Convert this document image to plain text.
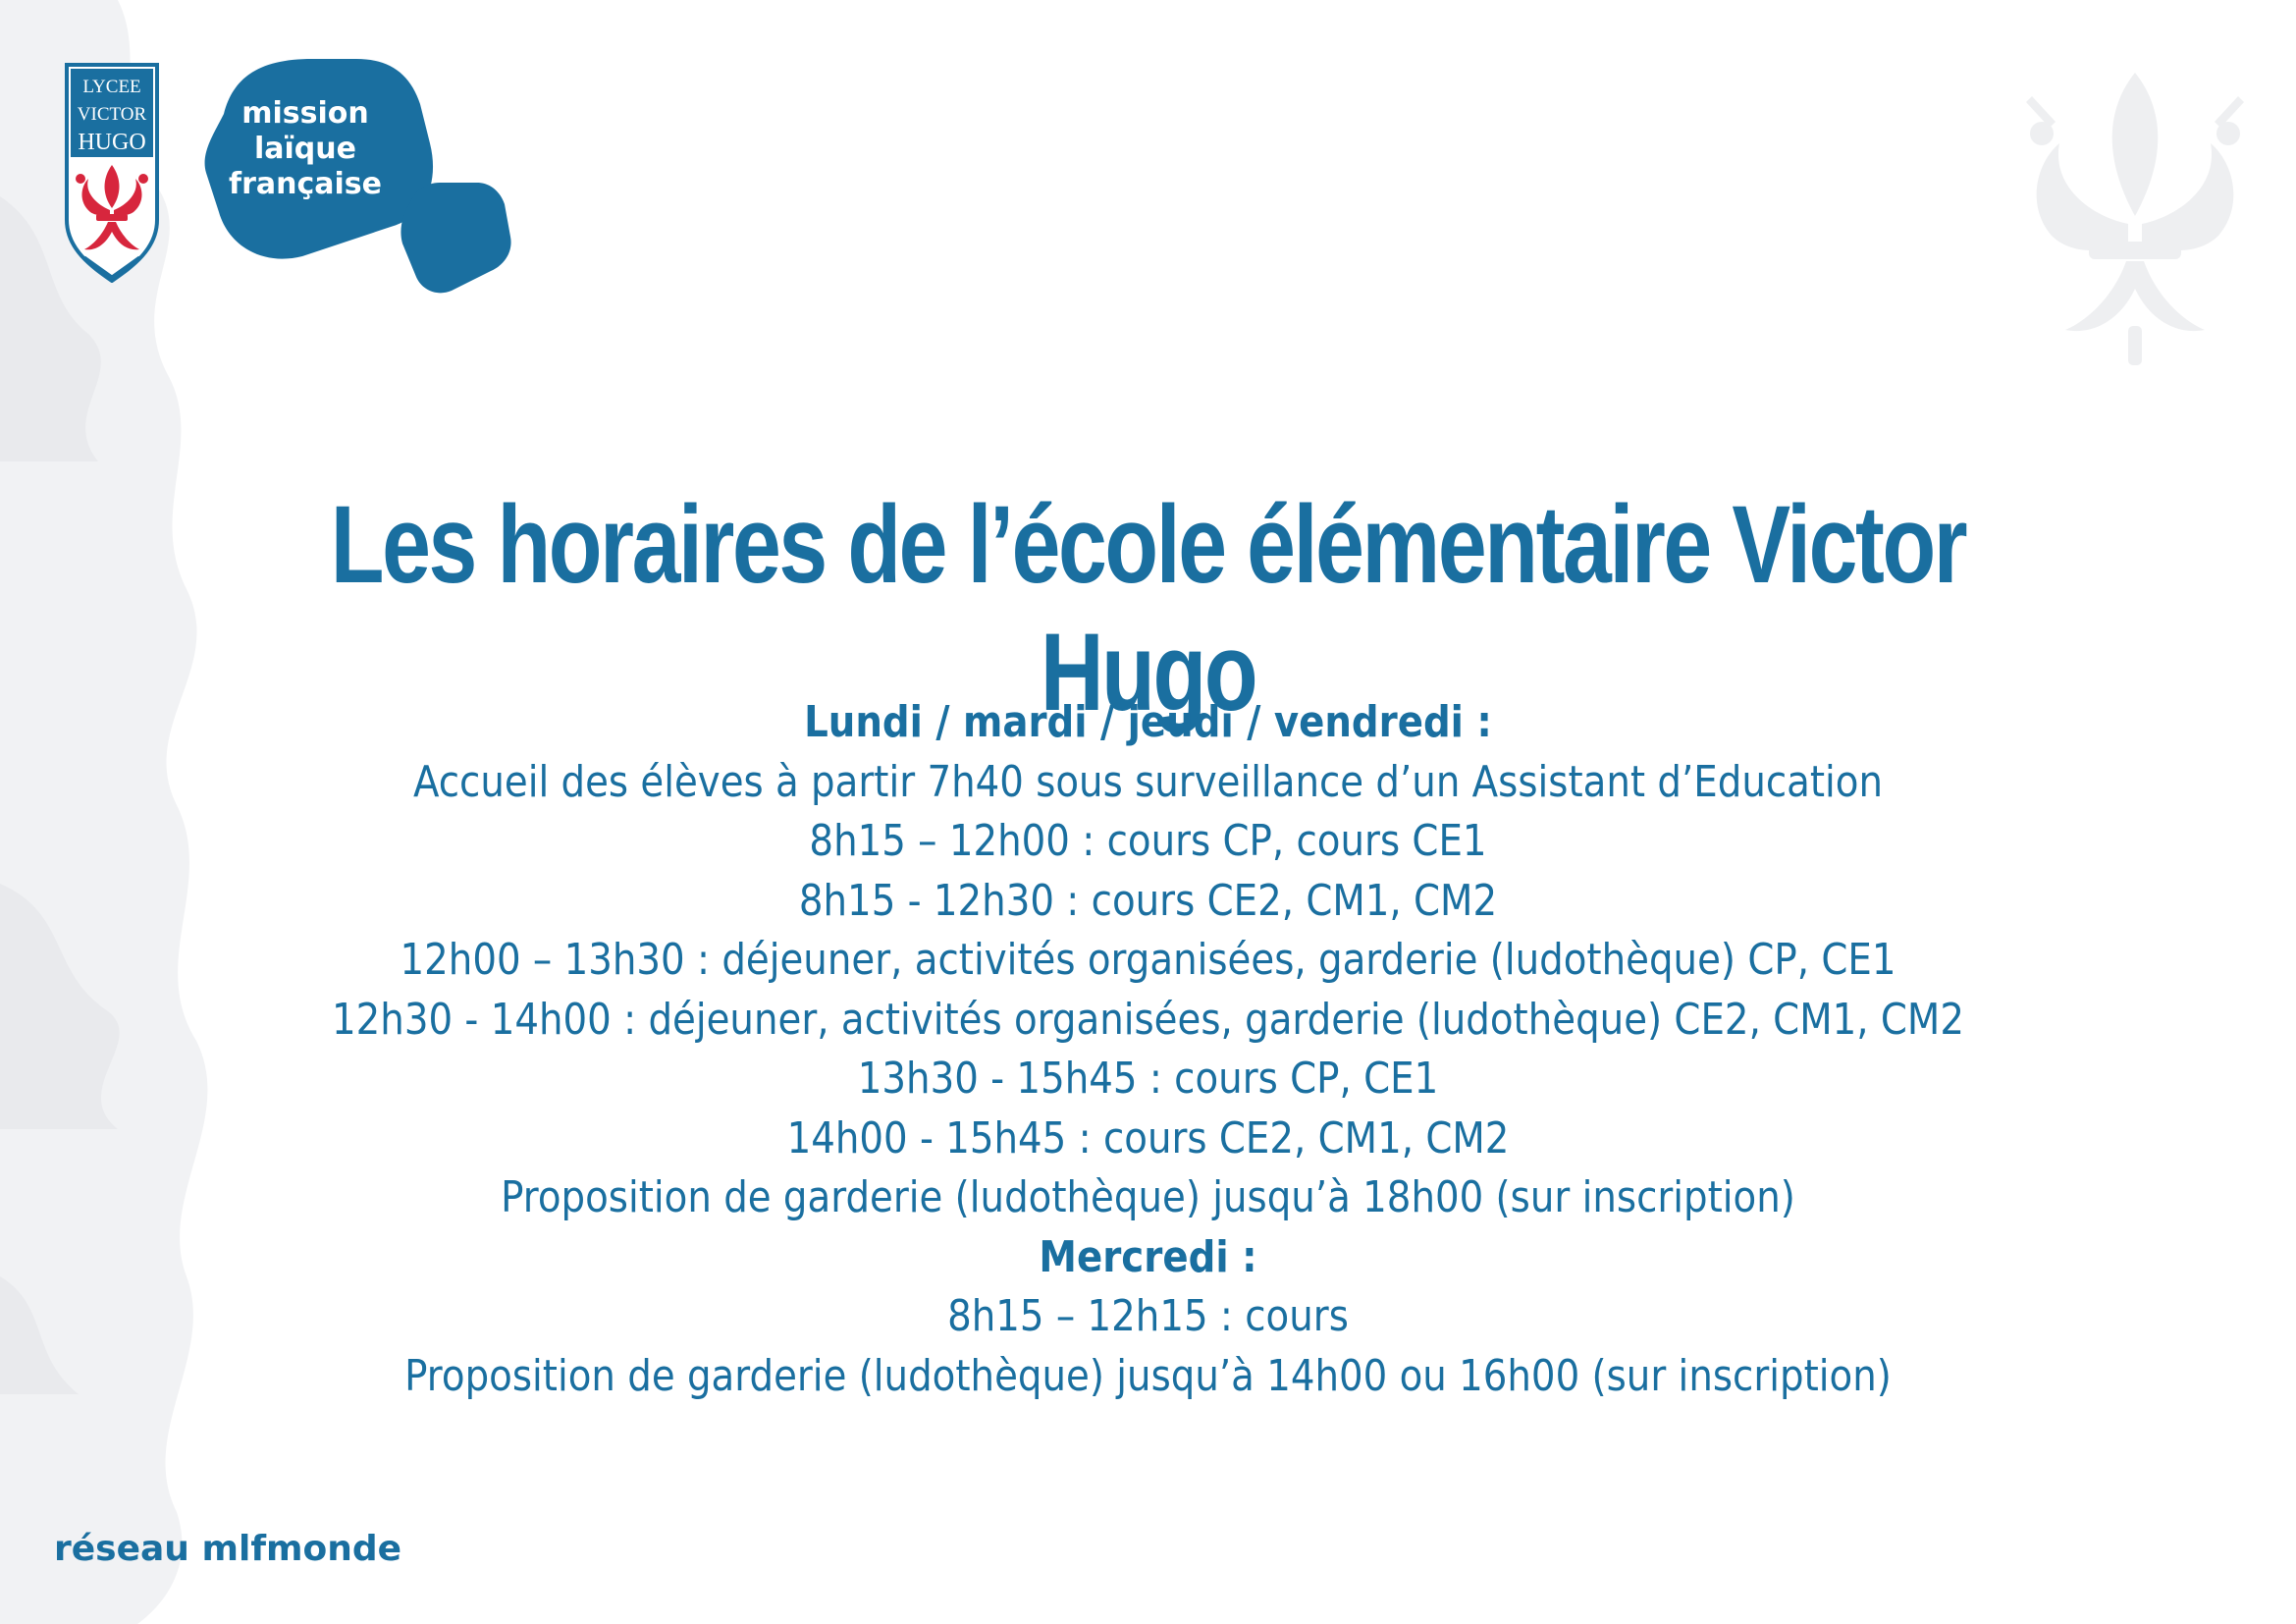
LYCEE
VICTOR
HUGO
mission
laïque
française
Les horaires de l’école élémentaire Victor Hugo
Lundi / mardi / jeudi / vendredi :
Accueil des élèves à partir 7h40 sous surveillance d’un Assistant d’Education
8h15 – 12h00 : cours CP, cours CE1
8h15 - 12h30 : cours CE2, CM1, CM2
12h00 – 13h30 : déjeuner, activités organisées, garderie (ludothèque) CP, CE1
12h30 - 14h00 : déjeuner, activités organisées, garderie (ludothèque) CE2, CM1, CM2
13h30 - 15h45 : cours CP, CE1
14h00 - 15h45 : cours CE2, CM1, CM2
Proposition de garderie (ludothèque) jusqu’à 18h00 (sur inscription)
Mercredi :
8h15 – 12h15 : cours
Proposition de garderie (ludothèque) jusqu’à 14h00 ou 16h00 (sur inscription)
réseau mlfmonde
